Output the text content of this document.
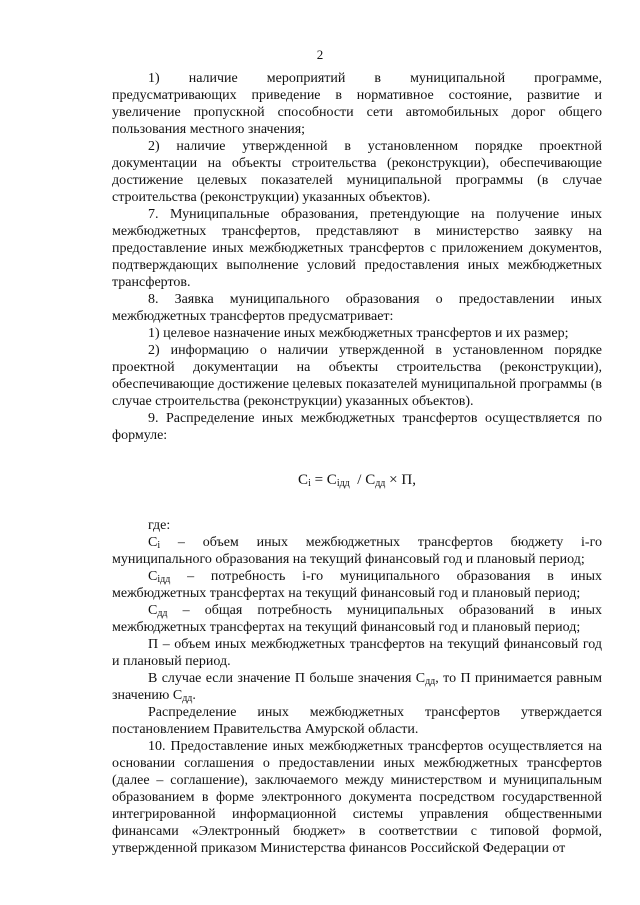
2

1) наличие мероприятий в муниципальной программе, предусматривающих приведение в нормативное состояние, развитие и увеличение пропускной способности сети автомобильных дорог общего пользования местного значения;

2) наличие утвержденной в установленном порядке проектной документации на объекты строительства (реконструкции), обеспечивающие достижение целевых показателей муниципальной программы (в случае строительства (реконструкции) указанных объектов).

7. Муниципальные образования, претендующие на получение иных межбюджетных трансфертов, представляют в министерство заявку на предоставление иных межбюджетных трансфертов с приложением документов, подтверждающих выполнение условий предоставления иных межбюджетных трансфертов.

8. Заявка муниципального образования о предоставлении иных межбюджетных трансфертов предусматривает:

1) целевое назначение иных межбюджетных трансфертов и их размер;

2) информацию о наличии утвержденной в установленном порядке проектной документации на объекты строительства (реконструкции), обеспечивающие достижение целевых показателей муниципальной программы (в случае строительства (реконструкции) указанных объектов).

9. Распределение иных межбюджетных трансфертов осуществляется по формуле:

$С_i = С_{iдд} / С_{дд} \times П$,

где:

$С_i$ – объем иных межбюджетных трансфертов бюджету i-го муниципального образования на текущий финансовый год и плановый период;

$С_{iдд}$ – потребность i-го муниципального образования в иных межбюджетных трансфертах на текущий финансовый год и плановый период;

$С_{дд}$ – общая потребность муниципальных образований в иных межбюджетных трансфертах на текущий финансовый год и плановый период;

П – объем иных межбюджетных трансфертов на текущий финансовый год и плановый период.

В случае если значение П больше значения $С_{дд}$, то П принимается равным значению $С_{дд}$.

Распределение иных межбюджетных трансфертов утверждается постановлением Правительства Амурской области.

10. Предоставление иных межбюджетных трансфертов осуществляется на основании соглашения о предоставлении иных межбюджетных трансфертов (далее – соглашение), заключаемого между министерством и муниципальным образованием в форме электронного документа посредством государственной интегрированной информационной системы управления общественными финансами «Электронный бюджет» в соответствии с типовой формой, утвержденной приказом Министерства финансов Российской Федерации от
